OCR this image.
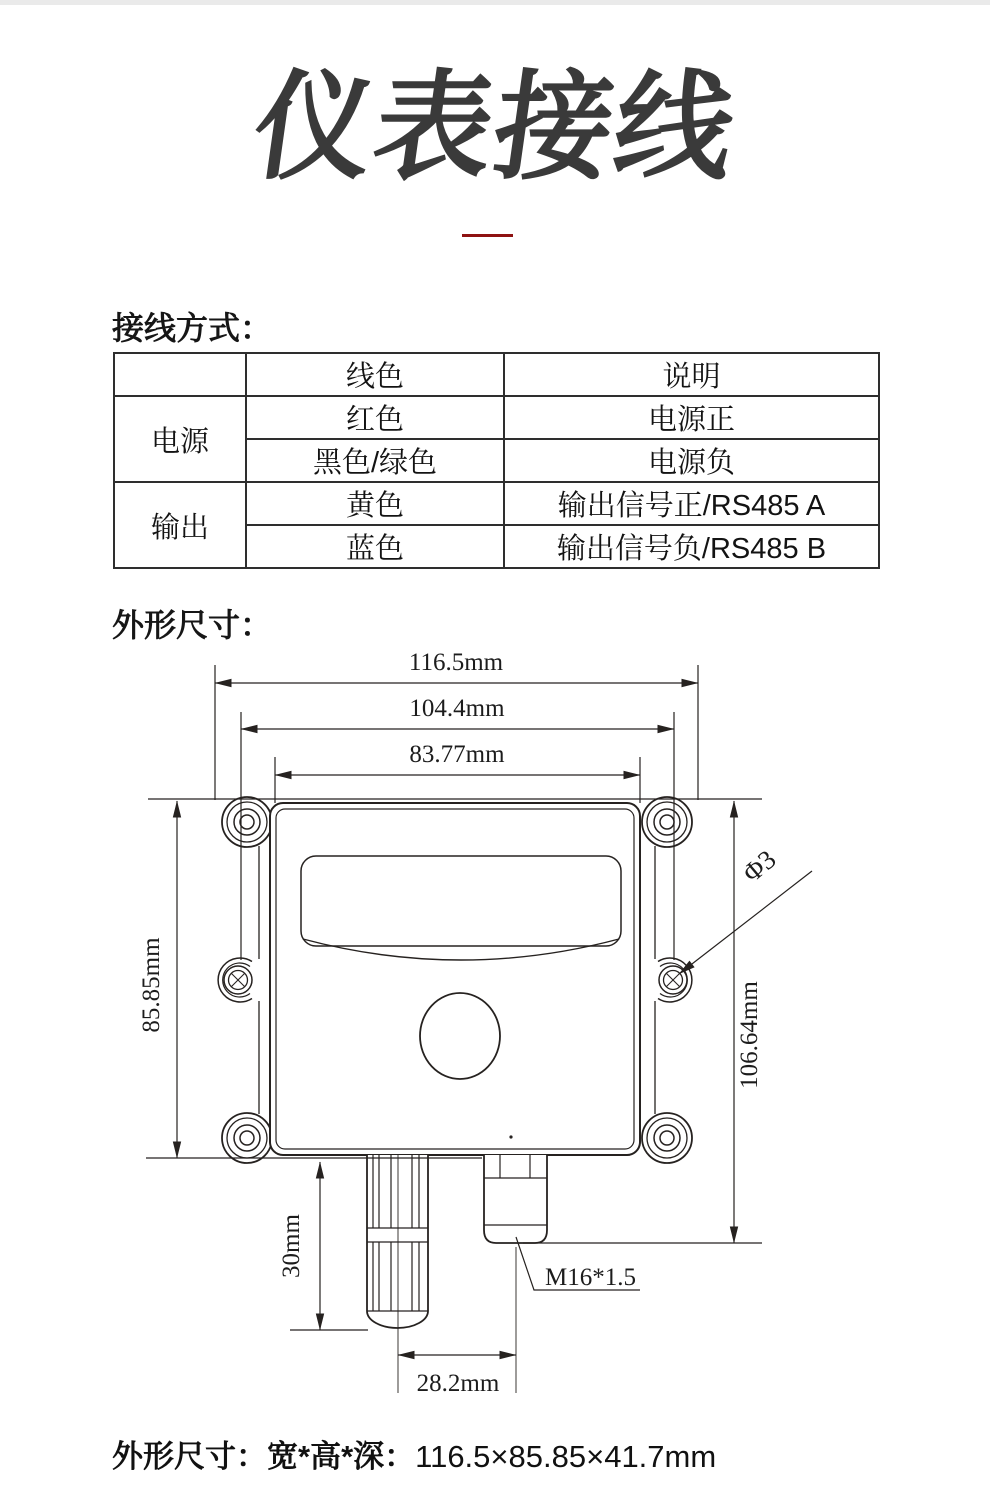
仪表接线
接线方式：
	线色	说明
电源	红色	电源正
	黑色/绿色	电源负
输出	黄色	输出信号正/RS485 A
	蓝色	输出信号负/RS485 B
外形尺寸：
116.5mm
104.4mm
83.77mm
85.85mm	106.64mm
30mm
28.2mm
M16*1.5
Φ3
外形尺寸：宽*高*深：116.5×85.85×41.7mm
